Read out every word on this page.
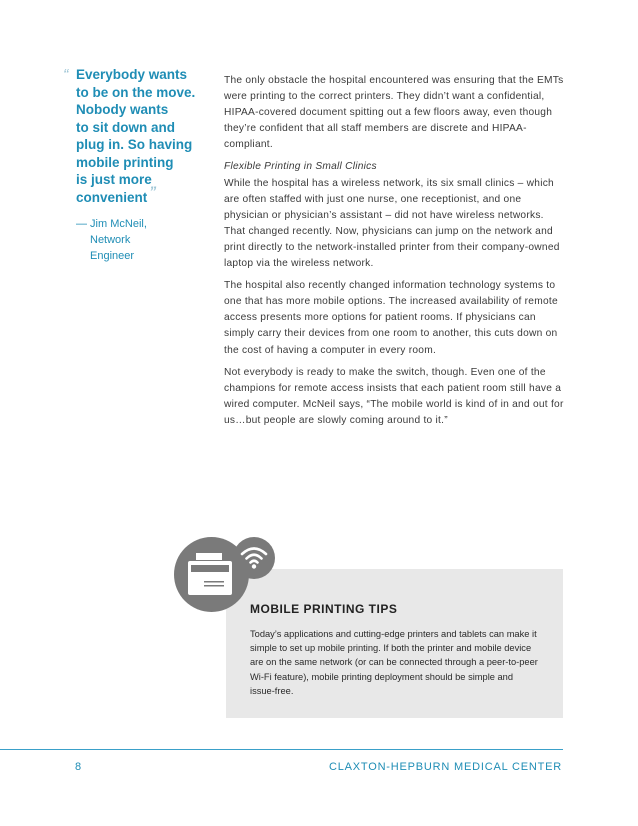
“ Everybody wants
to be on the move.
Nobody wants
to sit down and
plug in. So having
mobile printing
is just more
convenient ”
— Jim McNeil,
Network
Engineer

The only obstacle the hospital encountered was ensuring that the EMTs were printing to the correct printers. They didn’t want a confidential, HIPAA-covered document spitting out a few floors away, even though they’re confident that all staff members are discrete and HIPAA-compliant.

Flexible Printing in Small Clinics
While the hospital has a wireless network, its six small clinics – which are often staffed with just one nurse, one receptionist, and one physician or physician’s assistant – did not have wireless networks. That changed recently. Now, physicians can jump on the network and print directly to the network-installed printer from their company-owned laptop via the wireless network.

The hospital also recently changed information technology systems to one that has more mobile options. The increased availability of remote access presents more options for patient rooms. If physicians can simply carry their devices from one room to another, this cuts down on the cost of having a computer in every room.

Not everybody is ready to make the switch, though. Even one of the champions for remote access insists that each patient room still have a wired computer. McNeil says, “The mobile world is kind of in and out for us…but people are slowly coming around to it.”

MOBILE PRINTING TIPS
Today’s applications and cutting-edge printers and tablets can make it simple to set up mobile printing. If both the printer and mobile device are on the same network (or can be connected through a peer-to-peer Wi-Fi feature), mobile printing deployment should be simple and issue-free.
8	CLAXTON-HEPBURN MEDICAL CENTER
